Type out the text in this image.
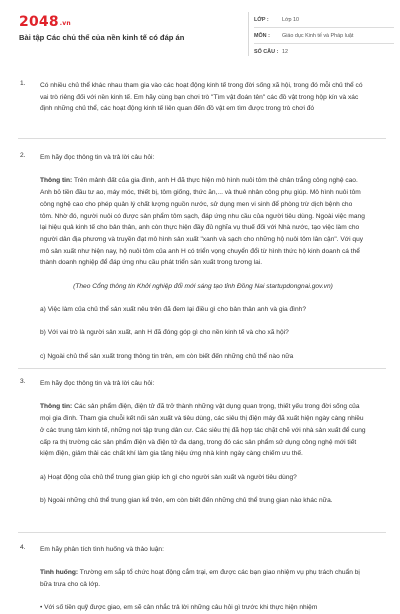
2048.vn
Bài tập Các chủ thể của nền kinh tế có đáp án
LỚP : Lớp 10
MÔN : Giáo dục Kinh tế và Pháp luật
SỐ CÂU : 12
1. Có nhiều chủ thể khác nhau tham gia vào các hoạt động kinh tế trong đời sống xã hội, trong đó mỗi chủ thể có vai trò riêng đối với nền kinh tế. Em hãy cùng bạn chơi trò "Tìm vật đoán tên" các đồ vật trong hộp kín và xác định những chủ thể, các hoạt động kinh tế liên quan đến đồ vật em tìm được trong trò chơi đó

2. Em hãy đọc thông tin và trả lời câu hỏi:

Thông tin: Trên mảnh đất của gia đình, anh H đã thực hiện mô hình nuôi tôm thẻ chân trắng công nghệ cao. Anh bỏ tiền đầu tư ao, máy móc, thiết bị, tôm giống, thức ăn,... và thuê nhân công phụ giúp. Mô hình nuôi tôm công nghệ cao cho phép quản lý chất lượng nguồn nước, sử dụng men vi sinh để phòng trừ dịch bệnh cho tôm. Nhờ đó, người nuôi có được sản phẩm tôm sạch, đáp ứng nhu cầu của người tiêu dùng. Ngoài việc mang lại hiệu quả kinh tế cho bản thân, anh còn thực hiện đầy đủ nghĩa vụ thuế đối với Nhà nước, tạo việc làm cho người dân địa phương và truyền đạt mô hình sản xuất "xanh và sạch cho những hộ nuôi tôm lân cận". Với quy mô sản xuất như hiện nay, hộ nuôi tôm của anh H có triển vọng chuyển đổi từ hình thức hộ kinh doanh cá thể thành doanh nghiệp để đáp ứng nhu cầu phát triển sản xuất trong tương lai.

(Theo Cổng thông tin Khởi nghiệp đổi mới sáng tạo tỉnh Đồng Nai startupdongnai.gov.vn)

a) Việc làm của chủ thể sản xuất nêu trên đã đem lại điều gì cho bản thân anh và gia đình?

b) Với vai trò là người sản xuất, anh H đã đóng góp gì cho nền kinh tế và cho xã hội?

c) Ngoài chủ thể sản xuất trong thông tin trên, em còn biết đến những chủ thể nào nữa

3. Em hãy đọc thông tin và trả lời câu hỏi:

Thông tin: Các sản phẩm điện, điện tử đã trở thành những vật dụng quan trọng, thiết yếu trong đời sống của mọi gia đình. Tham gia chuỗi kết nối sản xuất và tiêu dùng, các siêu thị điện máy đã xuất hiện ngày càng nhiều ở các trung tâm kinh tế, những nơi tập trung dân cư. Các siêu thị đã hợp tác chặt chẽ với nhà sản xuất để cung cấp ra thị trường các sản phẩm điện và điện tử đa dạng, trong đó các sản phẩm sử dụng công nghệ mới tiết kiệm điện, giảm thải các chất khí làm gia tăng hiệu ứng nhà kính ngày càng chiếm ưu thế.

a) Hoạt động của chủ thể trung gian giúp ích gì cho người sản xuất và người tiêu dùng?

b) Ngoài những chủ thể trung gian kể trên, em còn biết đến những chủ thể trung gian nào khác nữa.

4. Em hãy phân tích tình huống và thảo luận:

Tình huống: Trường em sắp tổ chức hoạt động cắm trại, em được các bạn giao nhiệm vụ phụ trách chuẩn bị bữa trưa cho cả lớp.

• Với số tiền quỹ được giao, em sẽ cân nhắc trả lời những câu hỏi gì trước khi thực hiện nhiệm
